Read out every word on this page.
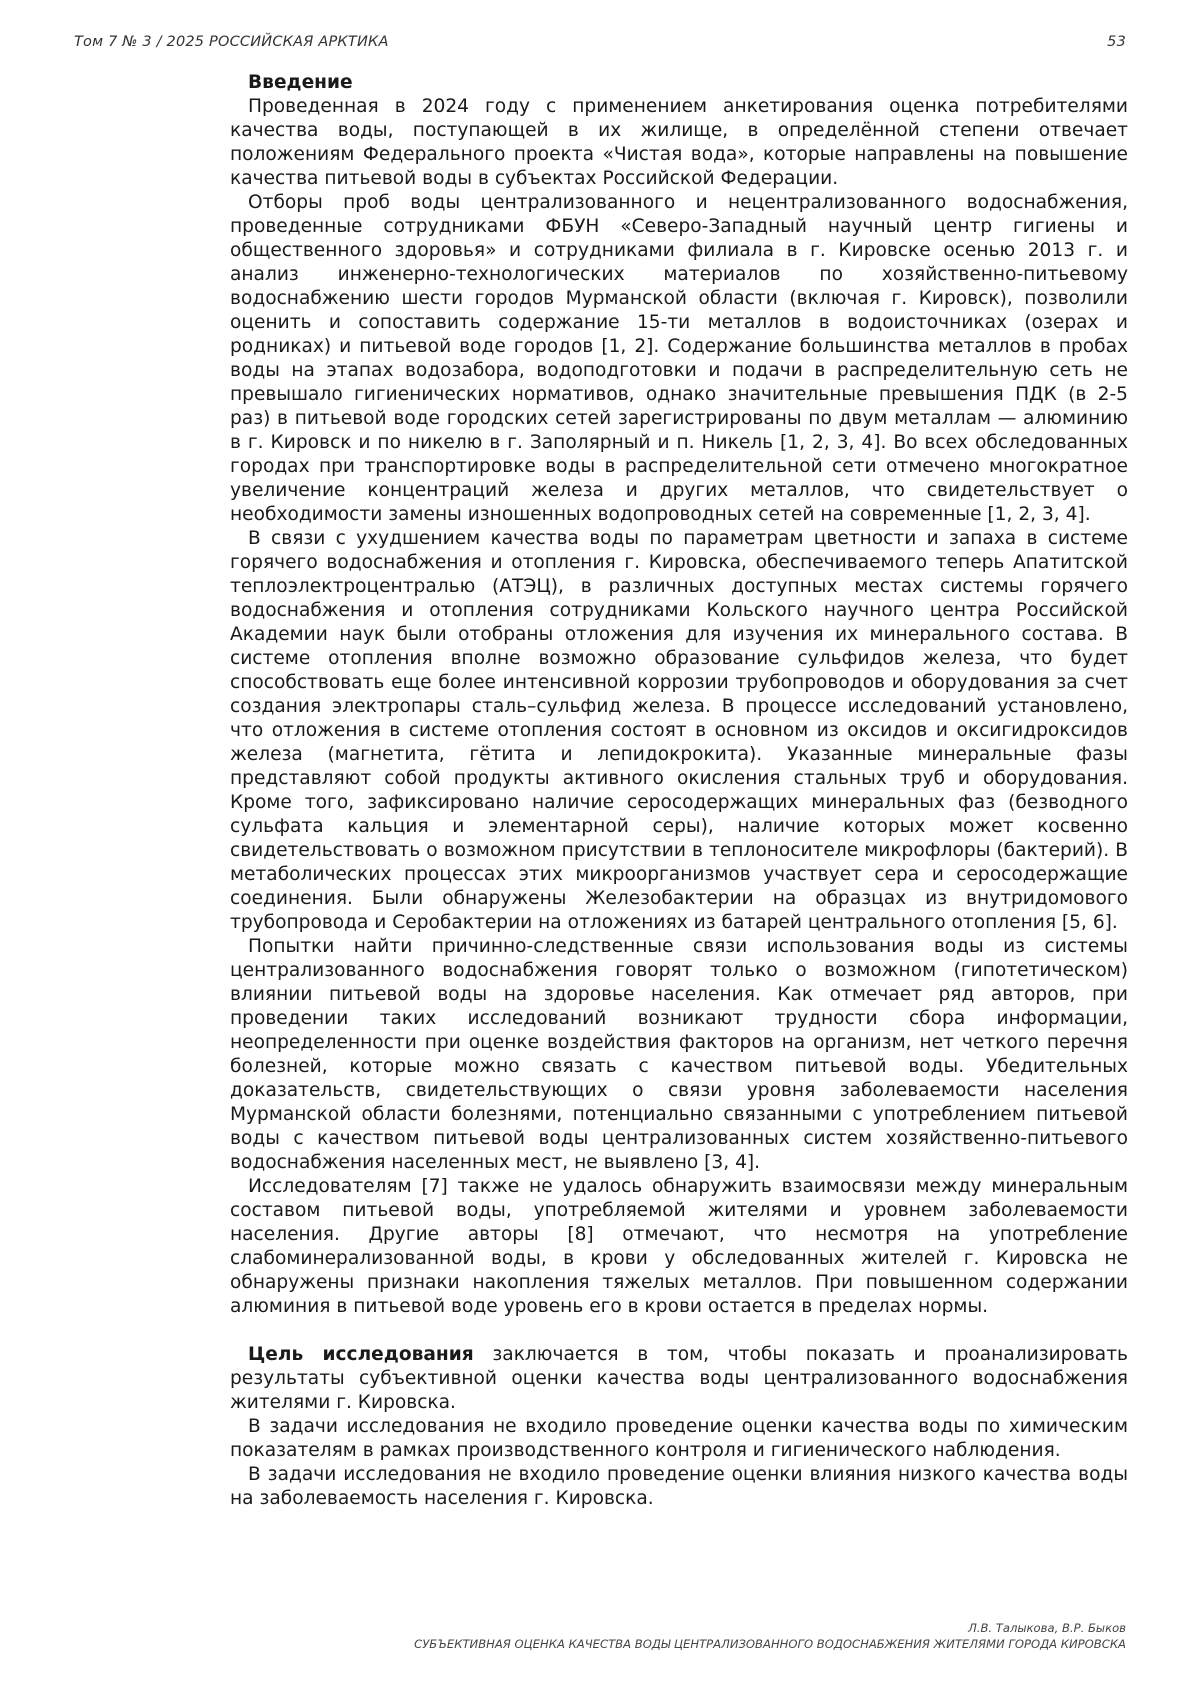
Том 7 № 3 / 2025 РОССИЙСКАЯ АРКТИКА	53
Введение

Проведенная в 2024 году с применением анкетирования оценка потребителями качества воды, поступающей в их жилище, в определённой степени отвечает положениям Федерального проекта «Чистая вода», которые направлены на повышение качества питьевой воды в субъектах Российской Федерации.

Отборы проб воды централизованного и нецентрализованного водоснабжения, проведенные сотрудниками ФБУН «Северо-Западный научный центр гигиены и общественного здоровья» и сотрудниками филиала в г. Кировске осенью 2013 г. и анализ инженерно-технологических материалов по хозяйственно-питьевому водоснабжению шести городов Мурманской области (включая г. Кировск), позволили оценить и сопоставить содержание 15-ти металлов в водоисточниках (озерах и родниках) и питьевой воде городов [1, 2]. Содержание большинства металлов в пробах воды на этапах водозабора, водоподготовки и подачи в распределительную сеть не превышало гигиенических нормативов, однако значительные превышения ПДК (в 2-5 раз) в питьевой воде городских сетей зарегистрированы по двум металлам — алюминию в г. Кировск и по никелю в г. Заполярный и п. Никель [1, 2, 3, 4]. Во всех обследованных городах при транспортировке воды в распределительной сети отмечено многократное увеличение концентраций железа и других металлов, что свидетельствует о необходимости замены изношенных водопроводных сетей на современные [1, 2, 3, 4].

В связи с ухудшением качества воды по параметрам цветности и запаха в системе горячего водоснабжения и отопления г. Кировска, обеспечиваемого теперь Апатитской теплоэлектроцентралью (АТЭЦ), в различных доступных местах системы горячего водоснабжения и отопления сотрудниками Кольского научного центра Российской Академии наук были отобраны отложения для изучения их минерального состава. В системе отопления вполне возможно образование сульфидов железа, что будет способствовать еще более интенсивной коррозии трубопроводов и оборудования за счет создания электропары сталь–сульфид железа. В процессе исследований установлено, что отложения в системе отопления состоят в основном из оксидов и оксигидроксидов железа (магнетита, гётита и лепидокрокита). Указанные минеральные фазы представляют собой продукты активного окисления стальных труб и оборудования. Кроме того, зафиксировано наличие серосодержащих минеральных фаз (безводного сульфата кальция и элементарной серы), наличие которых может косвенно свидетельствовать о возможном присутствии в теплоносителе микрофлоры (бактерий). В метаболических процессах этих микроорганизмов участвует сера и серосодержащие соединения. Были обнаружены Железобактерии на образцах из внутридомового трубопровода и Серобактерии на отложениях из батарей центрального отопления [5, 6].

Попытки найти причинно-следственные связи использования воды из системы централизованного водоснабжения говорят только о возможном (гипотетическом) влиянии питьевой воды на здоровье населения. Как отмечает ряд авторов, при проведении таких исследований возникают трудности сбора информации, неопределенности при оценке воздействия факторов на организм, нет четкого перечня болезней, которые можно связать с качеством питьевой воды. Убедительных доказательств, свидетельствующих о связи уровня заболеваемости населения Мурманской области болезнями, потенциально связанными с употреблением питьевой воды с качеством питьевой воды централизованных систем хозяйственно-питьевого водоснабжения населенных мест, не выявлено [3, 4].

Исследователям [7] также не удалось обнаружить взаимосвязи между минеральным составом питьевой воды, употребляемой жителями и уровнем заболеваемости населения. Другие авторы [8] отмечают, что несмотря на употребление слабоминерализованной воды, в крови у обследованных жителей г. Кировска не обнаружены признаки накопления тяжелых металлов. При повышенном содержании алюминия в питьевой воде уровень его в крови остается в пределах нормы.

Цель исследования заключается в том, чтобы показать и проанализировать результаты субъективной оценки качества воды централизованного водоснабжения жителями г. Кировска.

В задачи исследования не входило проведение оценки качества воды по химическим показателям в рамках производственного контроля и гигиенического наблюдения.

В задачи исследования не входило проведение оценки влияния низкого качества воды на заболеваемость населения г. Кировска.

Л.В. Талыкова, В.Р. Быков
СУБЪЕКТИВНАЯ ОЦЕНКА КАЧЕСТВА ВОДЫ ЦЕНТРАЛИЗОВАННОГО ВОДОСНАБЖЕНИЯ ЖИТЕЛЯМИ ГОРОДА КИРОВСКА
